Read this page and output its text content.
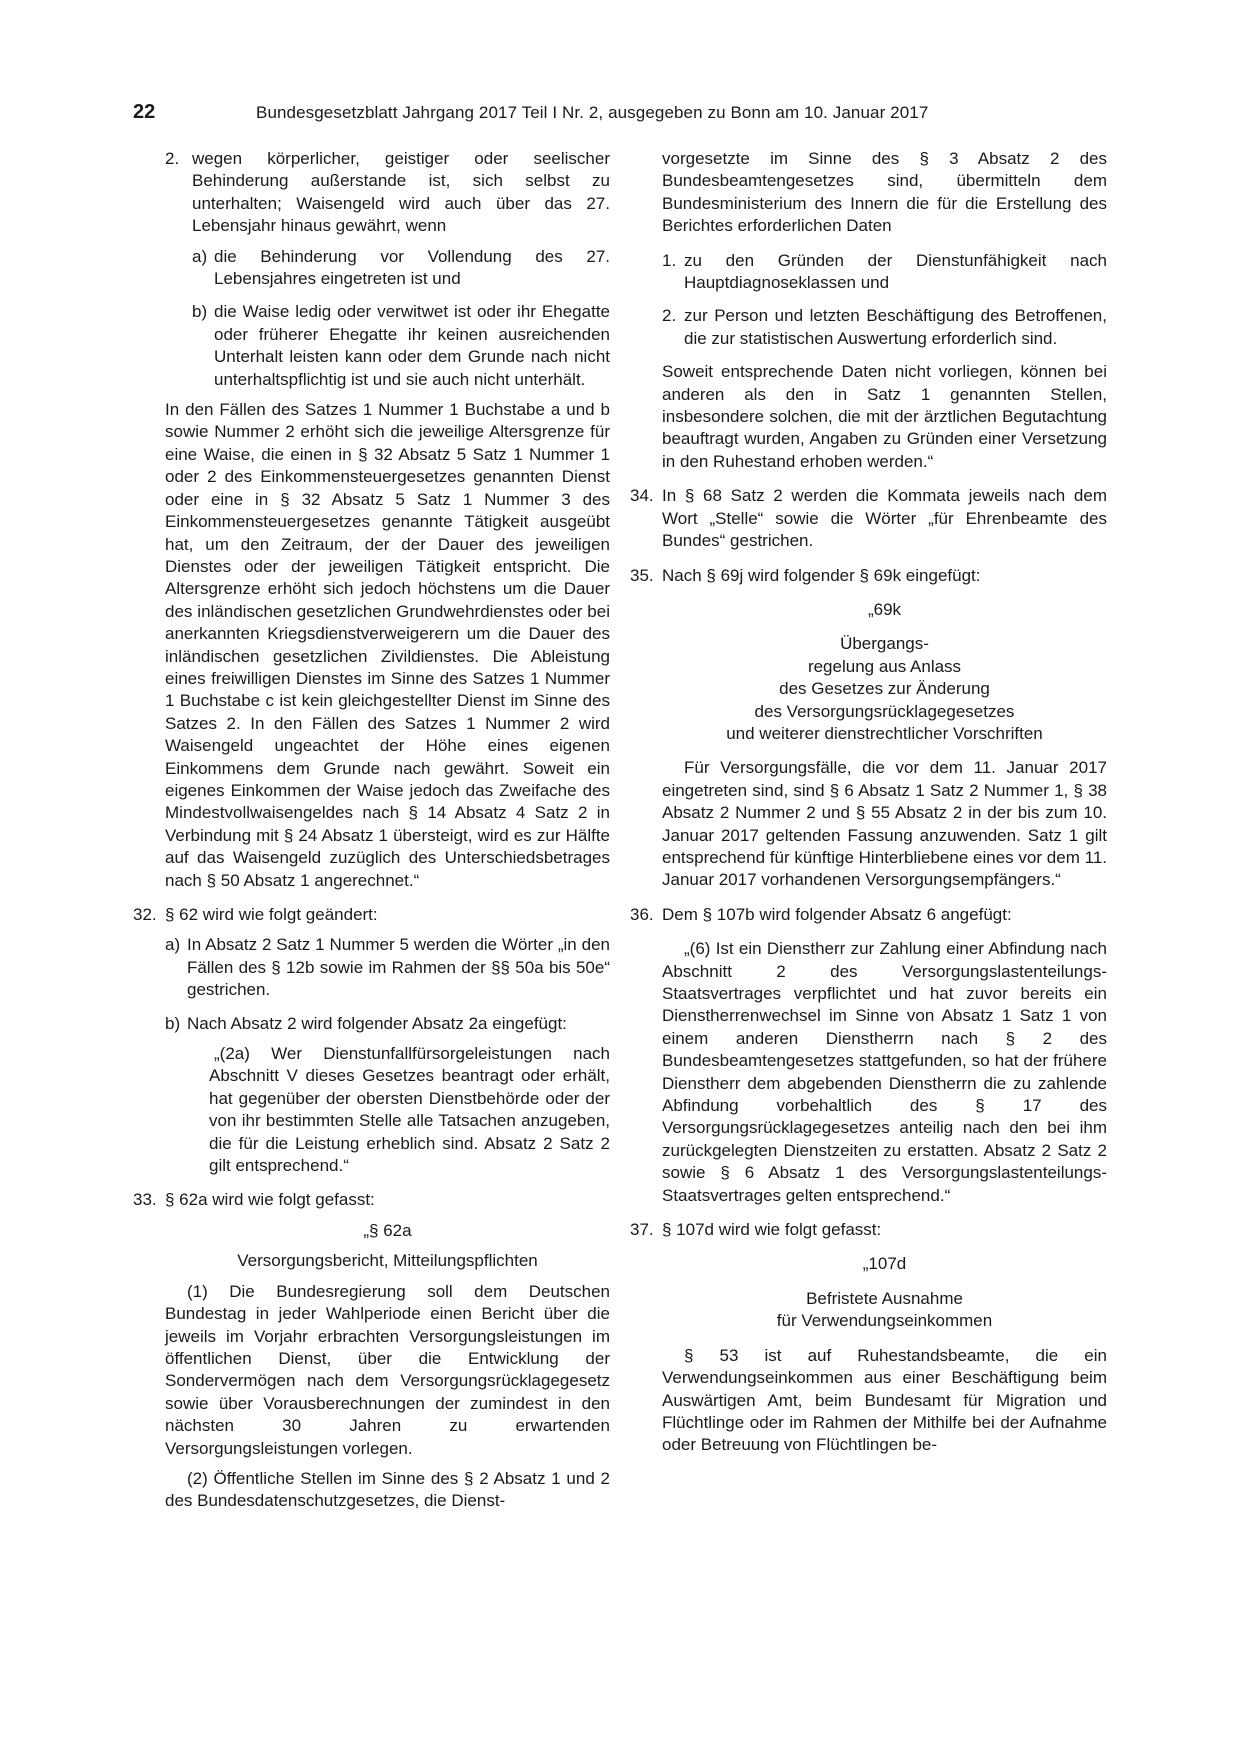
22	Bundesgesetzblatt Jahrgang 2017 Teil I Nr. 2, ausgegeben zu Bonn am 10. Januar 2017
2. wegen körperlicher, geistiger oder seelischer Behinderung außerstande ist, sich selbst zu unterhalten; Waisengeld wird auch über das 27. Lebensjahr hinaus gewährt, wenn

a) die Behinderung vor Vollendung des 27. Lebensjahres eingetreten ist und

b) die Waise ledig oder verwitwet ist oder ihr Ehegatte oder früherer Ehegatte ihr keinen ausreichenden Unterhalt leisten kann oder dem Grunde nach nicht unterhaltspflichtig ist und sie auch nicht unterhält.

In den Fällen des Satzes 1 Nummer 1 Buchstabe a und b sowie Nummer 2 erhöht sich die jeweilige Altersgrenze für eine Waise, die einen in § 32 Absatz 5 Satz 1 Nummer 1 oder 2 des Einkommensteuergesetzes genannten Dienst oder eine in § 32 Absatz 5 Satz 1 Nummer 3 des Einkommensteuergesetzes genannte Tätigkeit ausgeübt hat, um den Zeitraum, der der Dauer des jeweiligen Dienstes oder der jeweiligen Tätigkeit entspricht. Die Altersgrenze erhöht sich jedoch höchstens um die Dauer des inländischen gesetzlichen Grundwehrdienstes oder bei anerkannten Kriegsdienstverweigerern um die Dauer des inländischen gesetzlichen Zivildienstes. Die Ableistung eines freiwilligen Dienstes im Sinne des Satzes 1 Nummer 1 Buchstabe c ist kein gleichgestellter Dienst im Sinne des Satzes 2. In den Fällen des Satzes 1 Nummer 2 wird Waisengeld ungeachtet der Höhe eines eigenen Einkommens dem Grunde nach gewährt. Soweit ein eigenes Einkommen der Waise jedoch das Zweifache des Mindestvollwaisengeldes nach § 14 Absatz 4 Satz 2 in Verbindung mit § 24 Absatz 1 übersteigt, wird es zur Hälfte auf das Waisengeld zuzüglich des Unterschiedsbetrages nach § 50 Absatz 1 angerechnet.“

32. § 62 wird wie folgt geändert:

a) In Absatz 2 Satz 1 Nummer 5 werden die Wörter „in den Fällen des § 12b sowie im Rahmen der §§ 50a bis 50e“ gestrichen.

b) Nach Absatz 2 wird folgender Absatz 2a eingefügt:

„(2a) Wer Dienstunfallfürsorgeleistungen nach Abschnitt V dieses Gesetzes beantragt oder erhält, hat gegenüber der obersten Dienstbehörde oder der von ihr bestimmten Stelle alle Tatsachen anzugeben, die für die Leistung erheblich sind. Absatz 2 Satz 2 gilt entsprechend.“

33. § 62a wird wie folgt gefasst:

„§ 62a

Versorgungsbericht, Mitteilungspflichten

(1) Die Bundesregierung soll dem Deutschen Bundestag in jeder Wahlperiode einen Bericht über die jeweils im Vorjahr erbrachten Versorgungsleistungen im öffentlichen Dienst, über die Entwicklung der Sondervermögen nach dem Versorgungsrücklagegesetz sowie über Vorausberechnungen der zumindest in den nächsten 30 Jahren zu erwartenden Versorgungsleistungen vorlegen.

(2) Öffentliche Stellen im Sinne des § 2 Absatz 1 und 2 des Bundesdatenschutzgesetzes, die Dienst-

vorgesetzte im Sinne des § 3 Absatz 2 des Bundesbeamtengesetzes sind, übermitteln dem Bundesministerium des Innern die für die Erstellung des Berichtes erforderlichen Daten

1. zu den Gründen der Dienstunfähigkeit nach Hauptdiagnoseklassen und

2. zur Person und letzten Beschäftigung des Betroffenen, die zur statistischen Auswertung erforderlich sind.

Soweit entsprechende Daten nicht vorliegen, können bei anderen als den in Satz 1 genannten Stellen, insbesondere solchen, die mit der ärztlichen Begutachtung beauftragt wurden, Angaben zu Gründen einer Versetzung in den Ruhestand erhoben werden.“

34. In § 68 Satz 2 werden die Kommata jeweils nach dem Wort „Stelle“ sowie die Wörter „für Ehrenbeamte des Bundes“ gestrichen.

35. Nach § 69j wird folgender § 69k eingefügt:

„69k

Übergangs-
regelung aus Anlass
des Gesetzes zur Änderung
des Versorgungsrücklagegesetzes
und weiterer dienstrechtlicher Vorschriften

Für Versorgungsfälle, die vor dem 11. Januar 2017 eingetreten sind, sind § 6 Absatz 1 Satz 2 Nummer 1, § 38 Absatz 2 Nummer 2 und § 55 Absatz 2 in der bis zum 10. Januar 2017 geltenden Fassung anzuwenden. Satz 1 gilt entsprechend für künftige Hinterbliebene eines vor dem 11. Januar 2017 vorhandenen Versorgungsempfängers.“

36. Dem § 107b wird folgender Absatz 6 angefügt:

„(6) Ist ein Dienstherr zur Zahlung einer Abfindung nach Abschnitt 2 des Versorgungslastenteilungs-Staatsvertrages verpflichtet und hat zuvor bereits ein Dienstherrenwechsel im Sinne von Absatz 1 Satz 1 von einem anderen Dienstherrn nach § 2 des Bundesbeamtengesetzes stattgefunden, so hat der frühere Dienstherr dem abgebenden Dienstherrn die zu zahlende Abfindung vorbehaltlich des § 17 des Versorgungsrücklagegesetzes anteilig nach den bei ihm zurückgelegten Dienstzeiten zu erstatten. Absatz 2 Satz 2 sowie § 6 Absatz 1 des Versorgungslastenteilungs-Staatsvertrages gelten entsprechend.“

37. § 107d wird wie folgt gefasst:

„107d

Befristete Ausnahme
für Verwendungseinkommen

§ 53 ist auf Ruhestandsbeamte, die ein Verwendungseinkommen aus einer Beschäftigung beim Auswärtigen Amt, beim Bundesamt für Migration und Flüchtlinge oder im Rahmen der Mithilfe bei der Aufnahme oder Betreuung von Flüchtlingen be-
